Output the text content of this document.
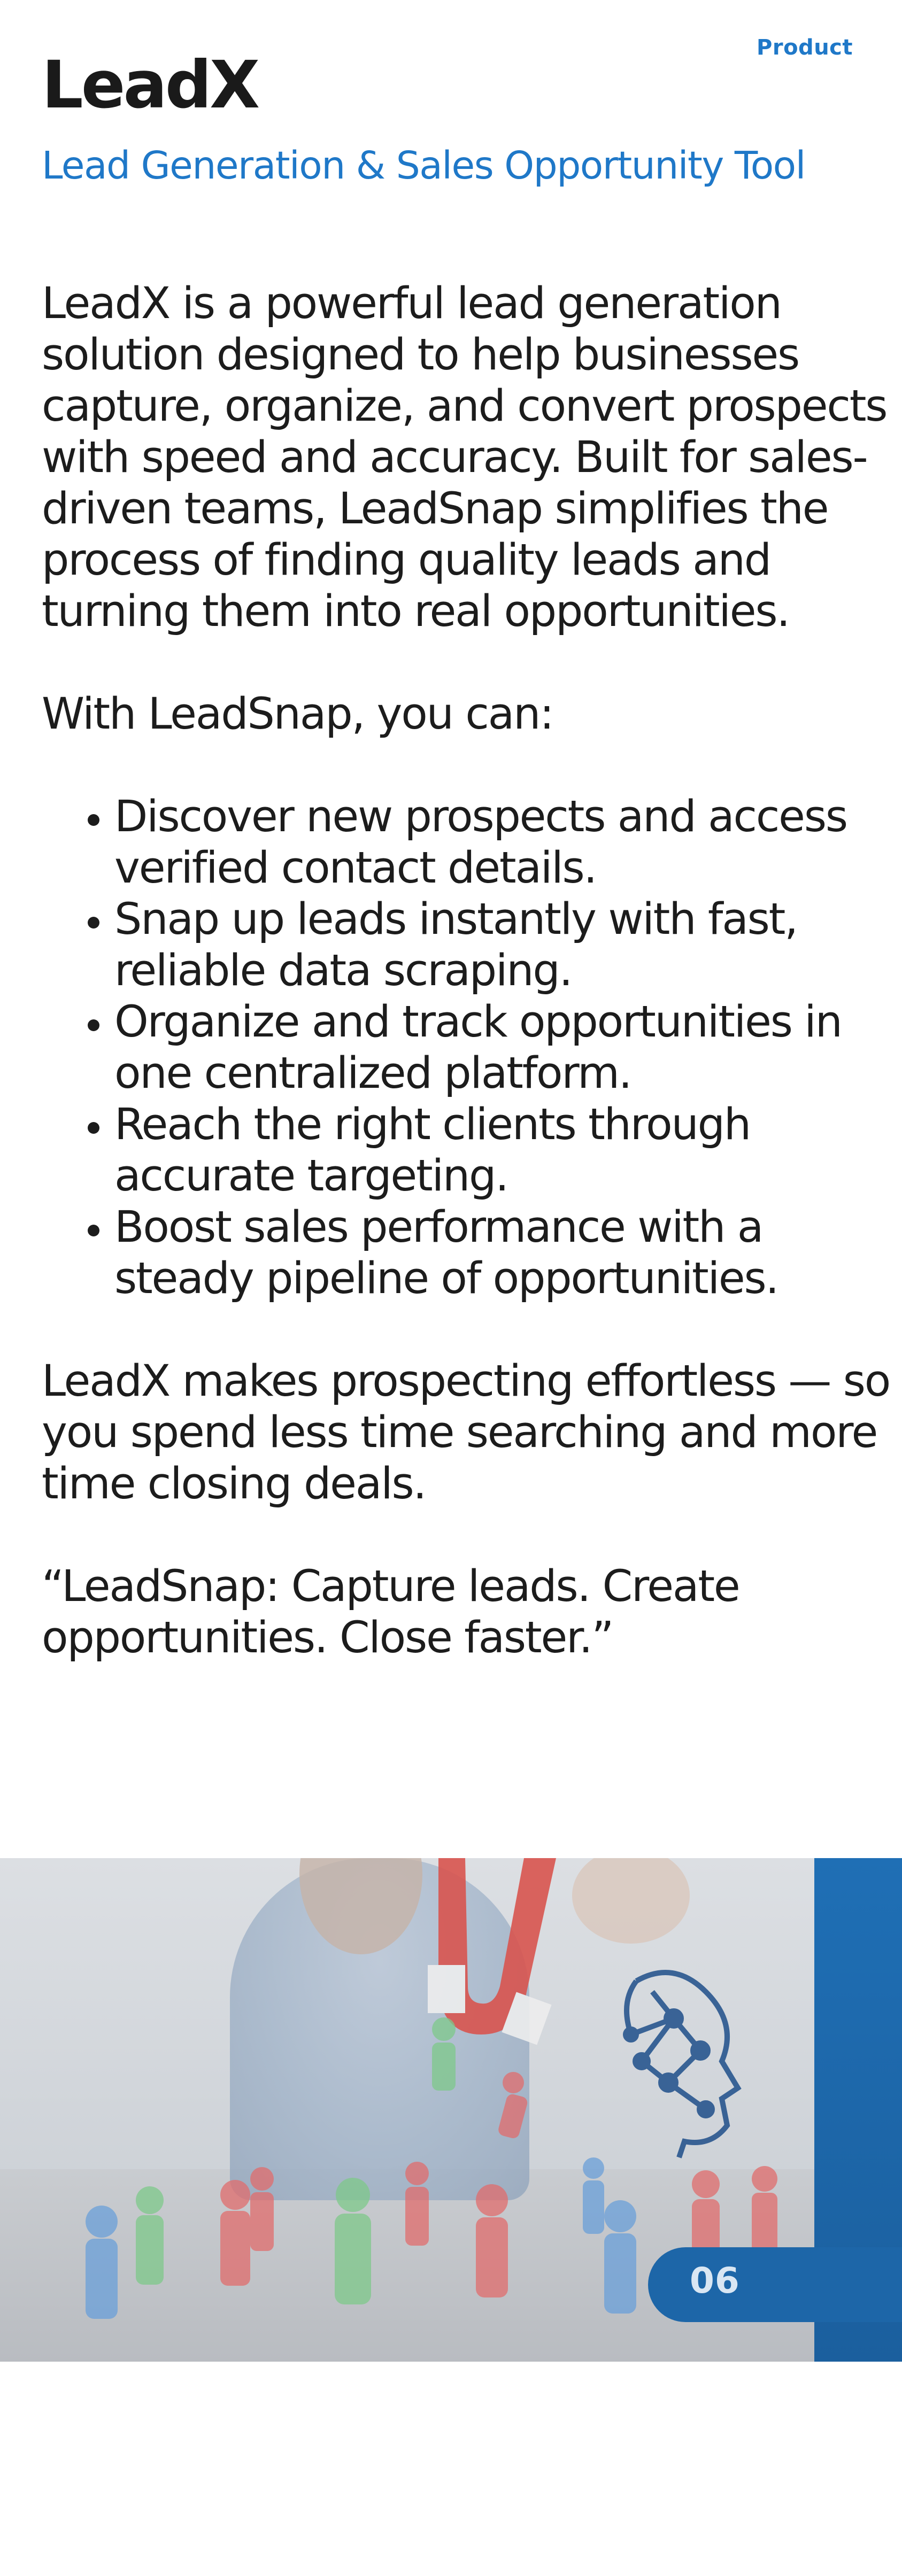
Product
LeadX
Lead Generation & Sales Opportunity Tool

LeadX is a powerful lead generation solution designed to help businesses capture, organize, and convert prospects with speed and accuracy. Built for sales-driven teams, LeadSnap simplifies the process of finding quality leads and turning them into real opportunities.

With LeadSnap, you can:

• Discover new prospects and access verified contact details.
• Snap up leads instantly with fast, reliable data scraping.
• Organize and track opportunities in one centralized platform.
• Reach the right clients through accurate targeting.
• Boost sales performance with a steady pipeline of opportunities.

LeadX makes prospecting effortless — so you spend less time searching and more time closing deals.

“LeadSnap: Capture leads. Create opportunities. Close faster.”

06
